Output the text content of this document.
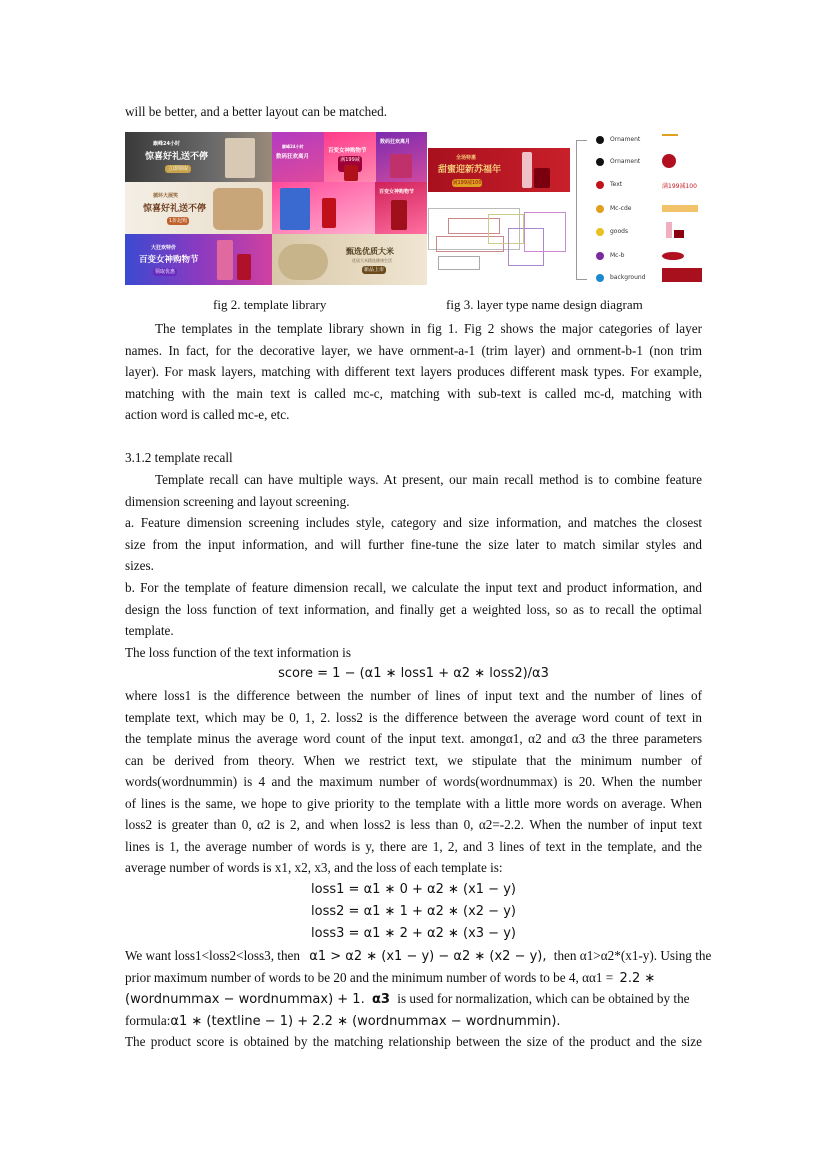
will be better, and a better layout can be matched.
巅峰24小时
惊喜好礼送不停
立即领取
巅峰24小时
数码狂欢离月
百变女神购物节
满199减
数码狂欢离月
循环大展笑
惊喜好礼送不停
1折起购
百变女神购物节
大狂欢特价
百变女神购物节
领取优惠
甄选优质大米
优质大米精选健康生活
新品上市
全场特惠
甜蜜迎新苏福年
满199减100
Ornament
Ornament
Text	满199减100
Mc-cde
goods
Mc-b
background
fig 2. template library	fig 3. layer type name design diagram
The templates in the template library shown in fig 1. Fig 2 shows the major categories of layer
names. In fact, for the decorative layer, we have ornment-a-1 (trim layer) and ornment-b-1 (non trim
layer). For mask layers, matching with different text layers produces different mask types. For example,
matching with the main text is called mc-c, matching with sub-text is called mc-d, matching with
action word is called mc-e, etc.
3.1.2 template recall
Template recall can have multiple ways. At present, our main recall method is to combine feature
dimension screening and layout screening.
a. Feature dimension screening includes style, category and size information, and matches the closest
size from the input information, and will further fine-tune the size later to match similar styles and
sizes.
b. For the template of feature dimension recall, we calculate the input text and product information, and
design the loss function of text information, and finally get a weighted loss, so as to recall the optimal
template.
The loss function of the text information is
score = 1 − (α1 ∗ loss1 + α2 ∗ loss2)/α3
where loss1 is the difference between the number of lines of input text and the number of lines of
template text, which may be 0, 1, 2. loss2 is the difference between the average word count of text in
the template minus the average word count of the input text. amongα1, α2 and α3 the three parameters
can be derived from theory. When we restrict text, we stipulate that the minimum number of
words(wordnummin) is 4 and the maximum number of words(wordnummax) is 20. When the number
of lines is the same, we hope to give priority to the template with a little more words on average. When
loss2 is greater than 0, α2 is 2, and when loss2 is less than 0, α2=-2.2. When the number of input text
lines is 1, the average number of words is y, there are 1, 2, and 3 lines of text in the template, and the
average number of words is x1, x2, x3, and the loss of each template is:
loss1 = α1 ∗ 0 + α2 ∗ (x1 − y)
loss2 = α1 ∗ 1 + α2 ∗ (x2 − y)
loss3 = α1 ∗ 2 + α2 ∗ (x3 − y)
We want loss1<loss2<loss3, then α1 > α2 ∗ (x1 − y) − α2 ∗ (x2 − y), then α1>α2*(x1-y). Using the
prior maximum number of words to be 20 and the minimum number of words to be 4, αα1 = 2.2 ∗
(wordnummax − wordnummax) + 1. α3 is used for normalization, which can be obtained by the
formula:α1 ∗ (textline − 1) + 2.2 ∗ (wordnummax − wordnummin).
The product score is obtained by the matching relationship between the size of the product and the size
